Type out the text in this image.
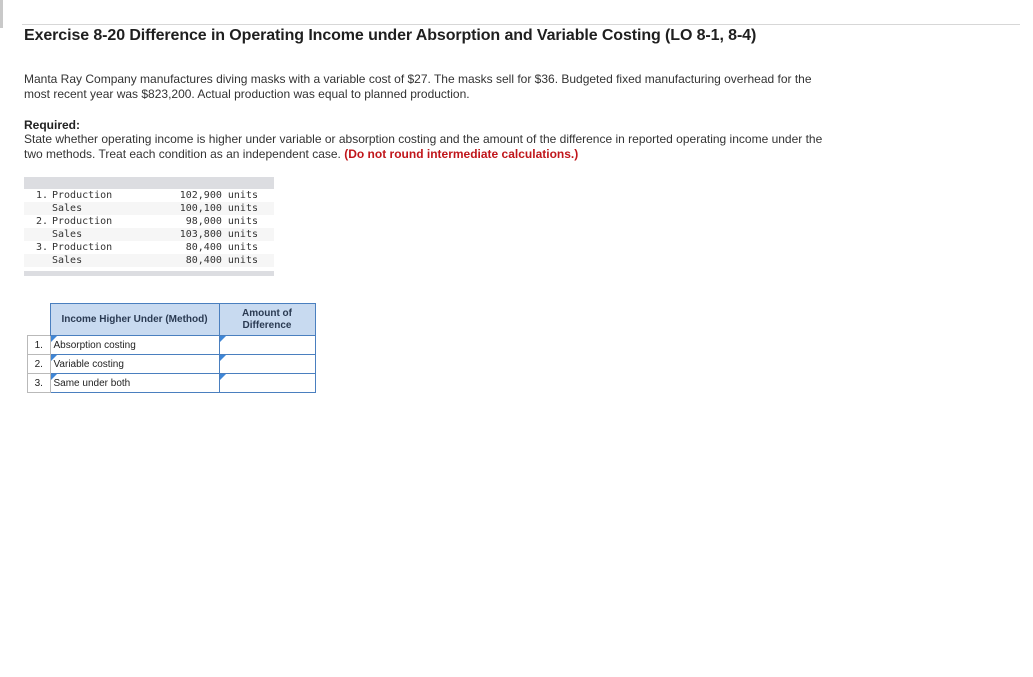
Exercise 8-20 Difference in Operating Income under Absorption and Variable Costing (LO 8-1, 8-4)

Manta Ray Company manufactures diving masks with a variable cost of $27. The masks sell for $36. Budgeted fixed manufacturing overhead for the most recent year was $823,200. Actual production was equal to planned production.

Required:

State whether operating income is higher under variable or absorption costing and the amount of the difference in reported operating income under the two methods. Treat each condition as an independent case. (Do not round intermediate calculations.)

1. Production	102,900 units
Sales	100,100 units
2. Production	98,000 units
Sales	103,800 units
3. Production	80,400 units
Sales	80,400 units
	Income Higher Under (Method)	Amount of Difference
1.	Absorption costing	

2.	Variable costing	

3.	Same under both	
